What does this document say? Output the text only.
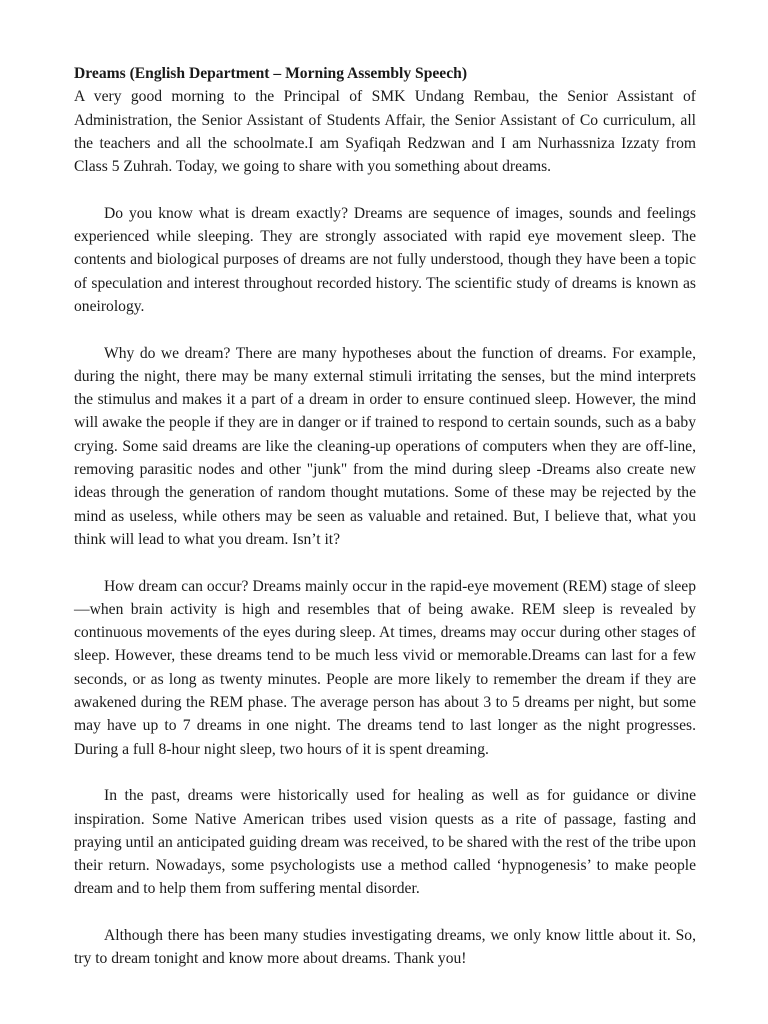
Dreams (English Department – Morning Assembly Speech)

A very good morning to the Principal of SMK Undang Rembau, the Senior Assistant of Administration, the Senior Assistant of Students Affair, the Senior Assistant of Co curriculum, all the teachers and all the schoolmate.I am Syafiqah Redzwan and I am Nurhassniza Izzaty from Class 5 Zuhrah. Today, we going to share with you something about dreams.

Do you know what is dream exactly? Dreams are sequence of images, sounds and feelings experienced while sleeping. They are strongly associated with rapid eye movement sleep. The contents and biological purposes of dreams are not fully understood, though they have been a topic of speculation and interest throughout recorded history. The scientific study of dreams is known as oneirology.

Why do we dream? There are many hypotheses about the function of dreams. For example, during the night, there may be many external stimuli irritating the senses, but the mind interprets the stimulus and makes it a part of a dream in order to ensure continued sleep. However, the mind will awake the people if they are in danger or if trained to respond to certain sounds, such as a baby crying. Some said dreams are like the cleaning-up operations of computers when they are off-line, removing parasitic nodes and other "junk" from the mind during sleep -Dreams also create new ideas through the generation of random thought mutations. Some of these may be rejected by the mind as useless, while others may be seen as valuable and retained. But, I believe that, what you think will lead to what you dream. Isn’t it?

How dream can occur? Dreams mainly occur in the rapid-eye movement (REM) stage of sleep—when brain activity is high and resembles that of being awake. REM sleep is revealed by continuous movements of the eyes during sleep. At times, dreams may occur during other stages of sleep. However, these dreams tend to be much less vivid or memorable.Dreams can last for a few seconds, or as long as twenty minutes. People are more likely to remember the dream if they are awakened during the REM phase. The average person has about 3 to 5 dreams per night, but some may have up to 7 dreams in one night. The dreams tend to last longer as the night progresses. During a full 8-hour night sleep, two hours of it is spent dreaming.

In the past, dreams were historically used for healing as well as for guidance or divine inspiration. Some Native American tribes used vision quests as a rite of passage, fasting and praying until an anticipated guiding dream was received, to be shared with the rest of the tribe upon their return. Nowadays, some psychologists use a method called ‘hypnogenesis’ to make people dream and to help them from suffering mental disorder.

Although there has been many studies investigating dreams, we only know little about it. So, try to dream tonight and know more about dreams. Thank you!
